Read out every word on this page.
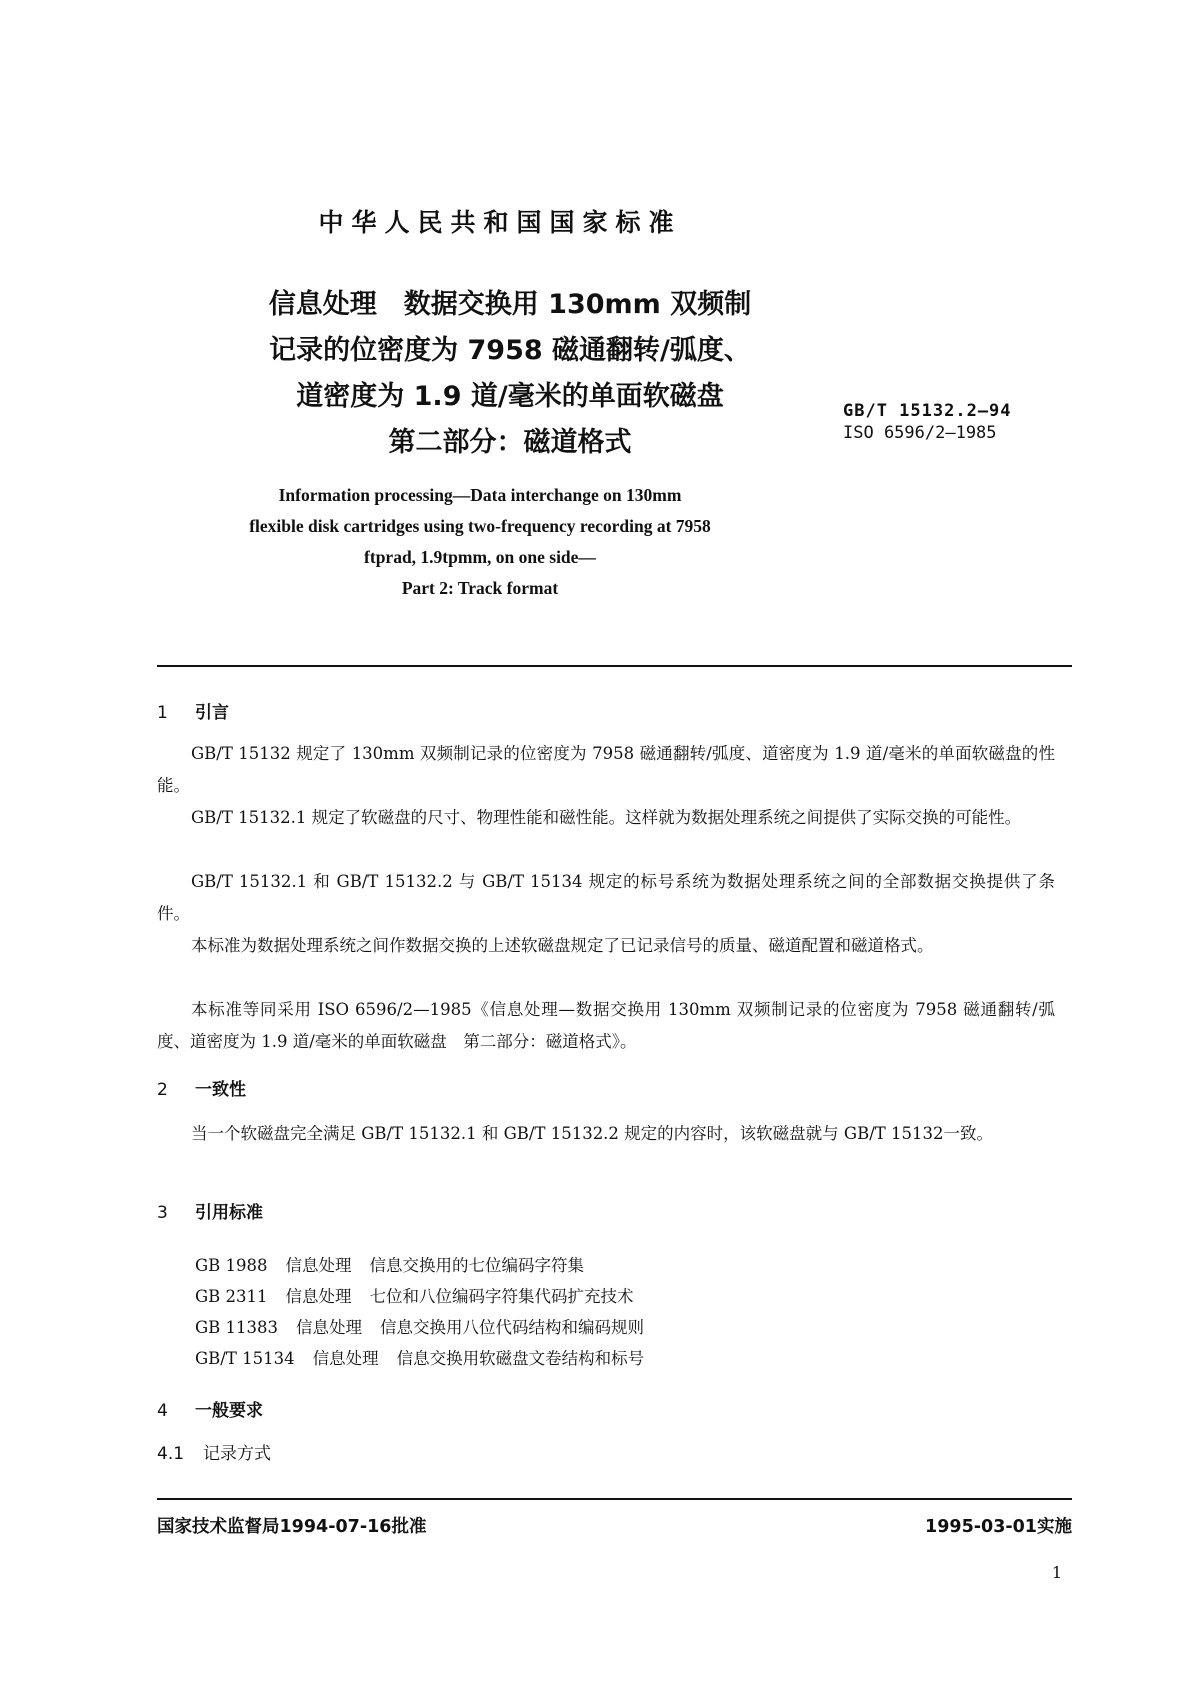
中华人民共和国国家标准
信息处理　数据交换用 130mm 双频制
记录的位密度为 7958 磁通翻转/弧度、
道密度为 1.9 道/毫米的单面软磁盘
第二部分：磁道格式
GB/T 15132.2—94
ISO 6596/2—1985
Information processing—Data interchange on 130mm
flexible disk cartridges using two-frequency recording at 7958
ftprad, 1.9tpmm, on one side—
Part 2: Track format
1 引言
GB/T 15132 规定了 130mm 双频制记录的位密度为 7958 磁通翻转/弧度、道密度为 1.9 道/毫米的单面软磁盘的性能。
GB/T 15132.1 规定了软磁盘的尺寸、物理性能和磁性能。这样就为数据处理系统之间提供了实际交换的可能性。
GB/T 15132.1 和 GB/T 15132.2 与 GB/T 15134 规定的标号系统为数据处理系统之间的全部数据交换提供了条件。
本标准为数据处理系统之间作数据交换的上述软磁盘规定了已记录信号的质量、磁道配置和磁道格式。
本标准等同采用 ISO 6596/2—1985《信息处理—数据交换用 130mm 双频制记录的位密度为 7958 磁通翻转/弧度、道密度为 1.9 道/毫米的单面软磁盘　第二部分：磁道格式》。
2 一致性
当一个软磁盘完全满足 GB/T 15132.1 和 GB/T 15132.2 规定的内容时，该软磁盘就与 GB/T 15132一致。
3 引用标准
GB 1988 信息处理 信息交换用的七位编码字符集
GB 2311 信息处理 七位和八位编码字符集代码扩充技术
GB 11383 信息处理 信息交换用八位代码结构和编码规则
GB/T 15134 信息处理 信息交换用软磁盘文卷结构和标号
4 一般要求
4.1 记录方式
国家技术监督局1994-07-16批准	1995-03-01实施
1
